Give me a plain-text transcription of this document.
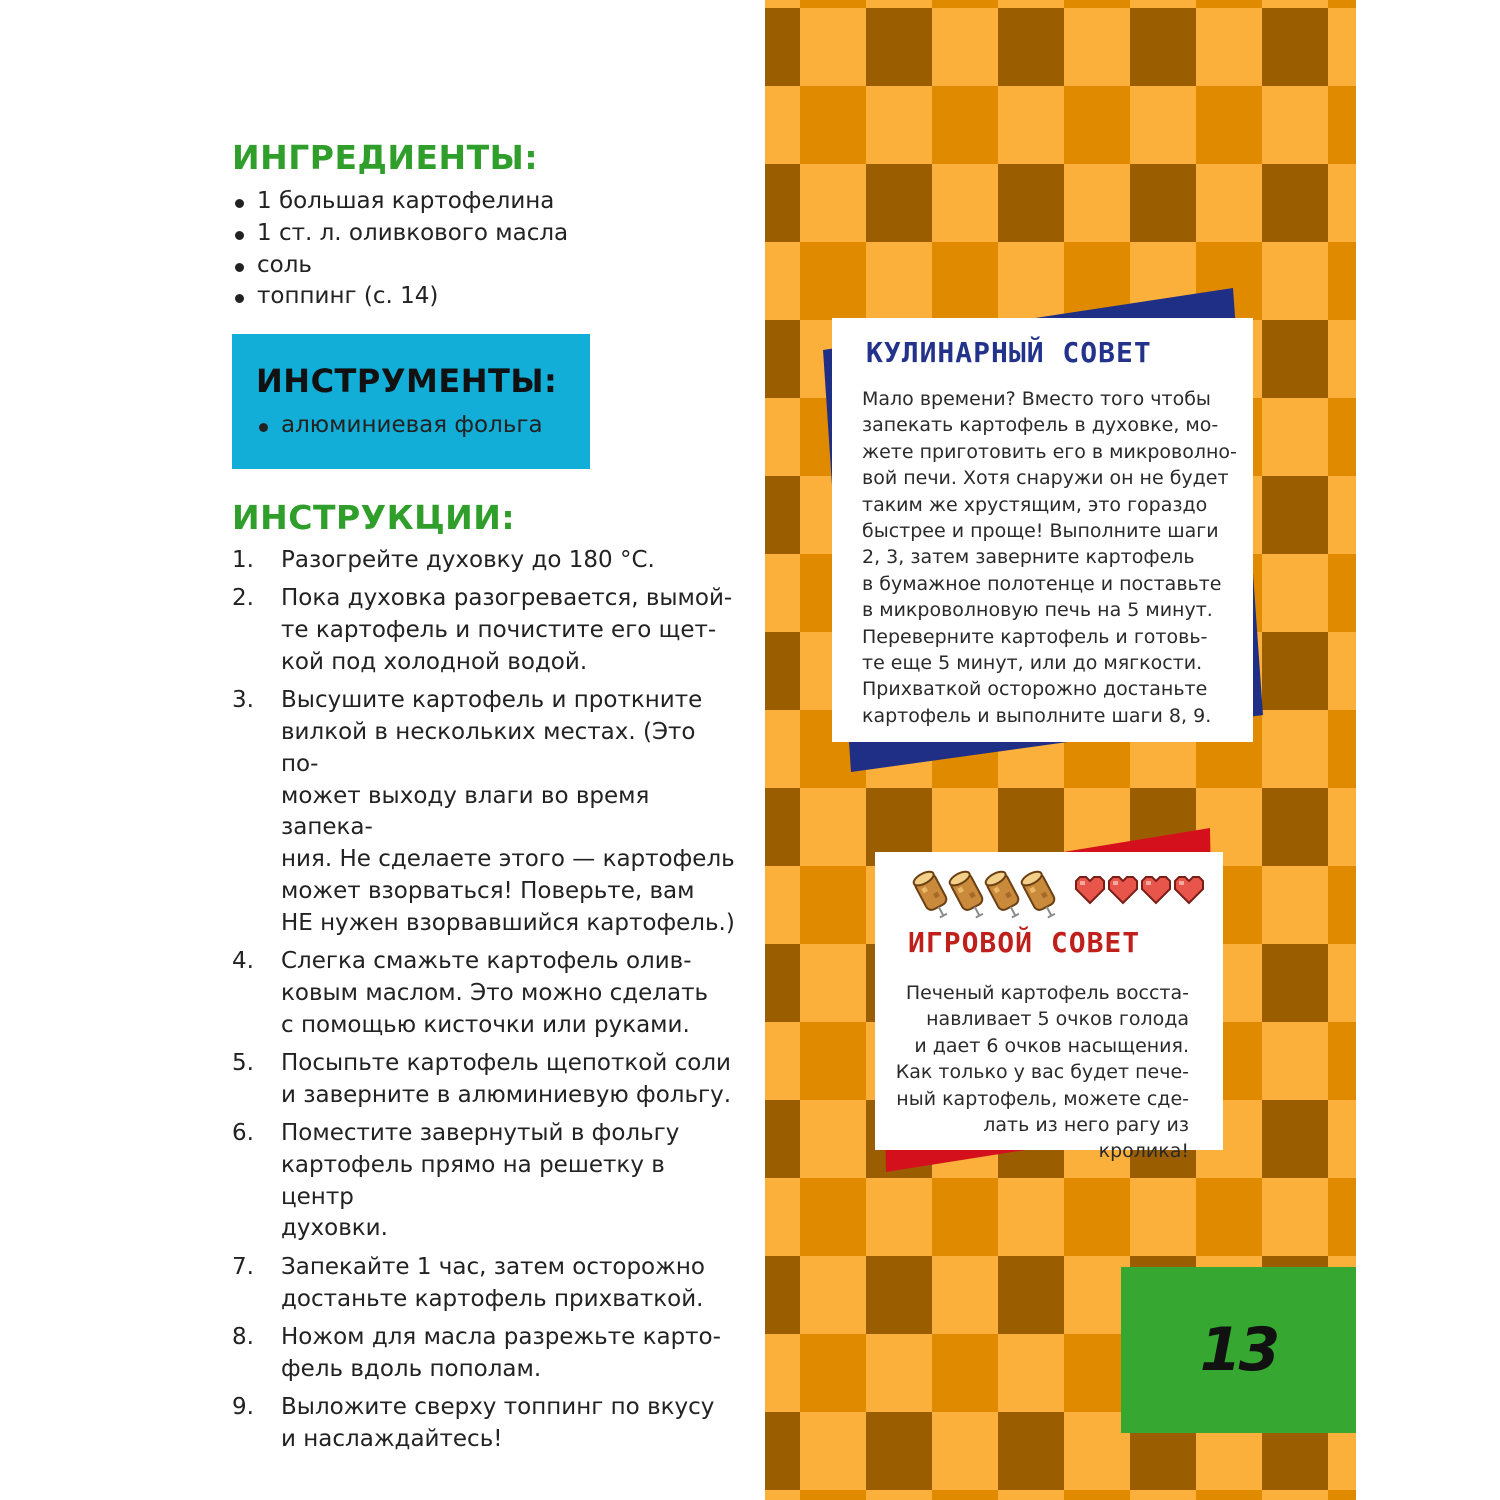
ИНГРЕДИЕНТЫ:
1 большая картофелина
1 ст. л. оливкового масла
соль
топпинг (с. 14)
ИНСТРУМЕНТЫ:
алюминиевая фольга
ИНСТРУКЦИИ:
1. Разогрейте духовку до 180 °С.
2. Пока духовка разогревается, вымой-
те картофель и почистите его щет-
кой под холодной водой.
3. Высушите картофель и проткните
вилкой в нескольких местах. (Это по-
может выходу влаги во время запека-
ния. Не сделаете этого — картофель
может взорваться! Поверьте, вам
НЕ нужен взорвавшийся картофель.)
4. Слегка смажьте картофель олив-
ковым маслом. Это можно сделать
с помощью кисточки или руками.
5. Посыпьте картофель щепоткой соли
и заверните в алюминиевую фольгу.
6. Поместите завернутый в фольгу
картофель прямо на решетку в центр
духовки.
7. Запекайте 1 час, затем осторожно
достаньте картофель прихваткой.
8. Ножом для масла разрежьте карто-
фель вдоль пополам.
9. Выложите сверху топпинг по вкусу
и наслаждайтесь!
КУЛИНАРНЫЙ СОВЕТ
Мало времени? Вместо того чтобы
запекать картофель в духовке, мо-
жете приготовить его в микроволно-
вой печи. Хотя снаружи он не будет
таким же хрустящим, это гораздо
быстрее и проще! Выполните шаги
2, 3, затем заверните картофель
в бумажное полотенце и поставьте
в микроволновую печь на 5 минут.
Переверните картофель и готовь-
те еще 5 минут, или до мягкости.
Прихваткой осторожно достаньте
картофель и выполните шаги 8, 9.
ИГРОВОЙ СОВЕТ
Печеный картофель восста-
навливает 5 очков голода
и дает 6 очков насыщения.
Как только у вас будет пече-
ный картофель, можете сде-
лать из него рагу из кролика!
13
